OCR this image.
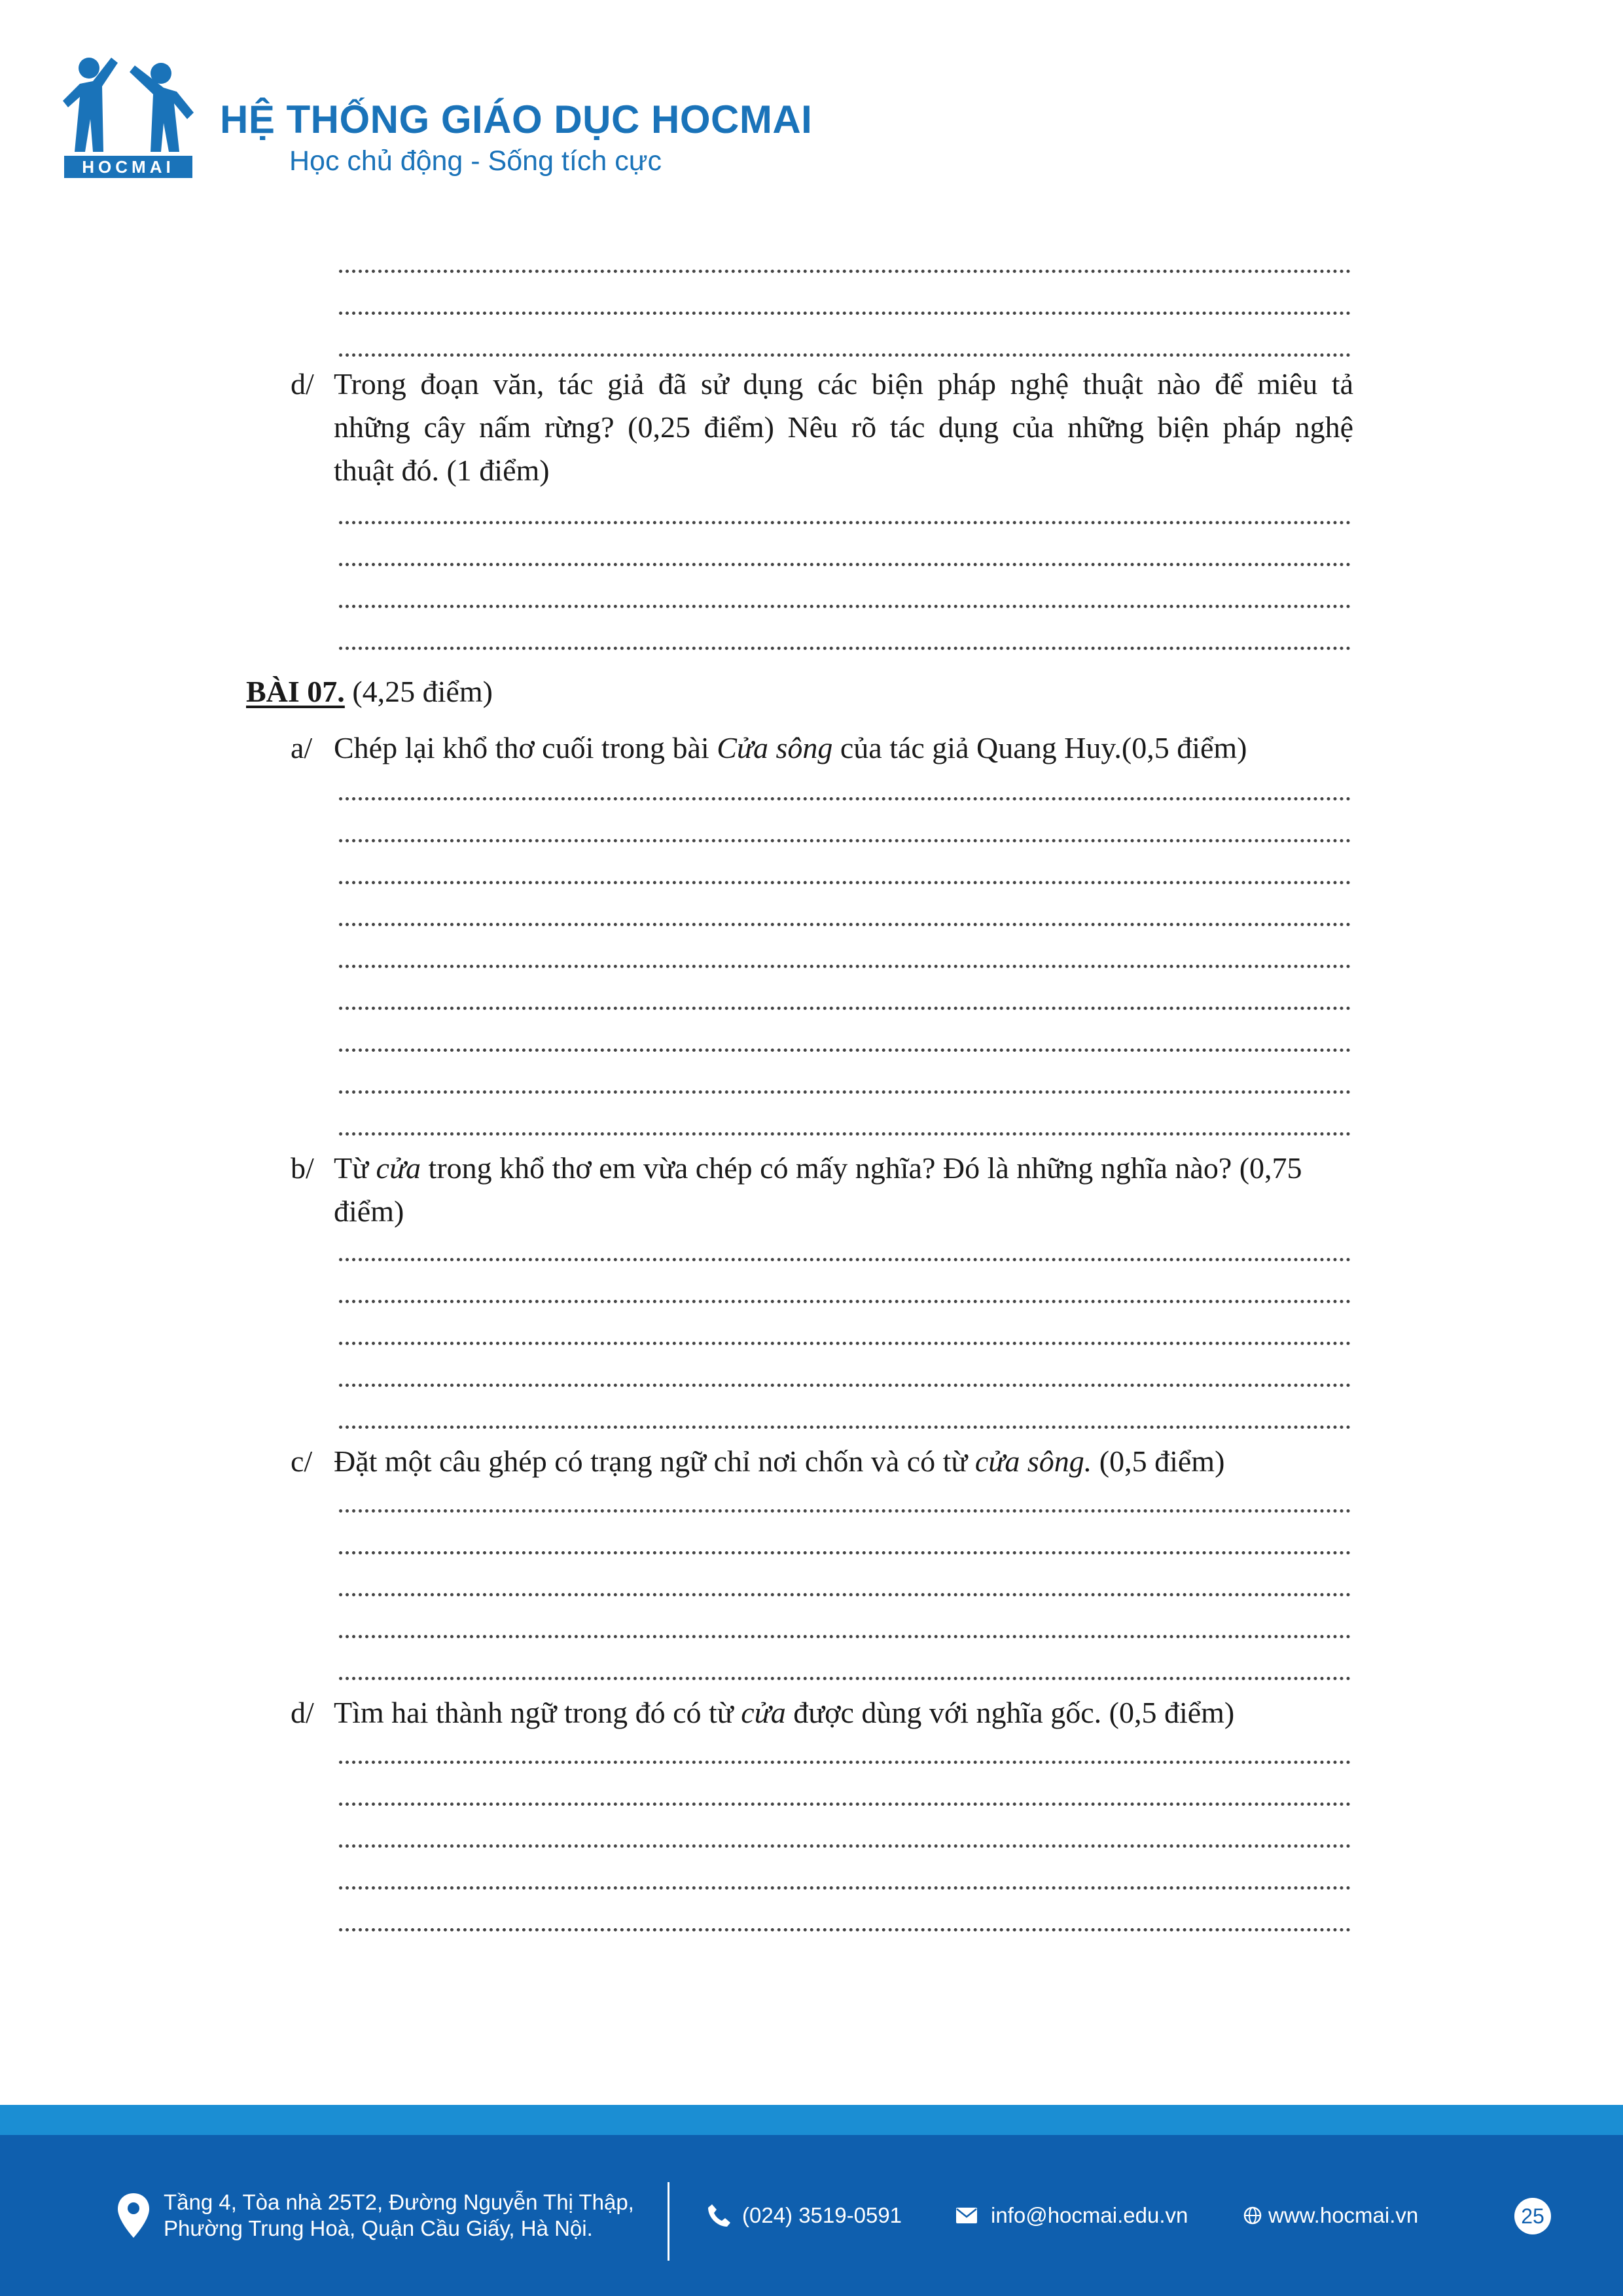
HOCMAI
HỆ THỐNG GIÁO DỤC HOCMAI
Học chủ động - Sống tích cực
d/ Trong đoạn văn, tác giả đã sử dụng các biện pháp nghệ thuật nào để miêu tả
những cây nấm rừng? (0,25 điểm) Nêu rõ tác dụng của những biện pháp nghệ
thuật đó. (1 điểm)
BÀI 07. (4,25 điểm)
a/ Chép lại khổ thơ cuối trong bài Cửa sông của tác giả Quang Huy.(0,5 điểm)
b/ Từ cửa trong khổ thơ em vừa chép có mấy nghĩa? Đó là những nghĩa nào? (0,75
điểm)
c/ Đặt một câu ghép có trạng ngữ chỉ nơi chốn và có từ cửa sông. (0,5 điểm)
d/ Tìm hai thành ngữ trong đó có từ cửa được dùng với nghĩa gốc. (0,5 điểm)
Tầng 4, Tòa nhà 25T2, Đường Nguyễn Thị Thập,
Phường Trung Hoà, Quận Cầu Giấy, Hà Nội.
(024) 3519-0591	info@hocmai.edu.vn	www.hocmai.vn	25
